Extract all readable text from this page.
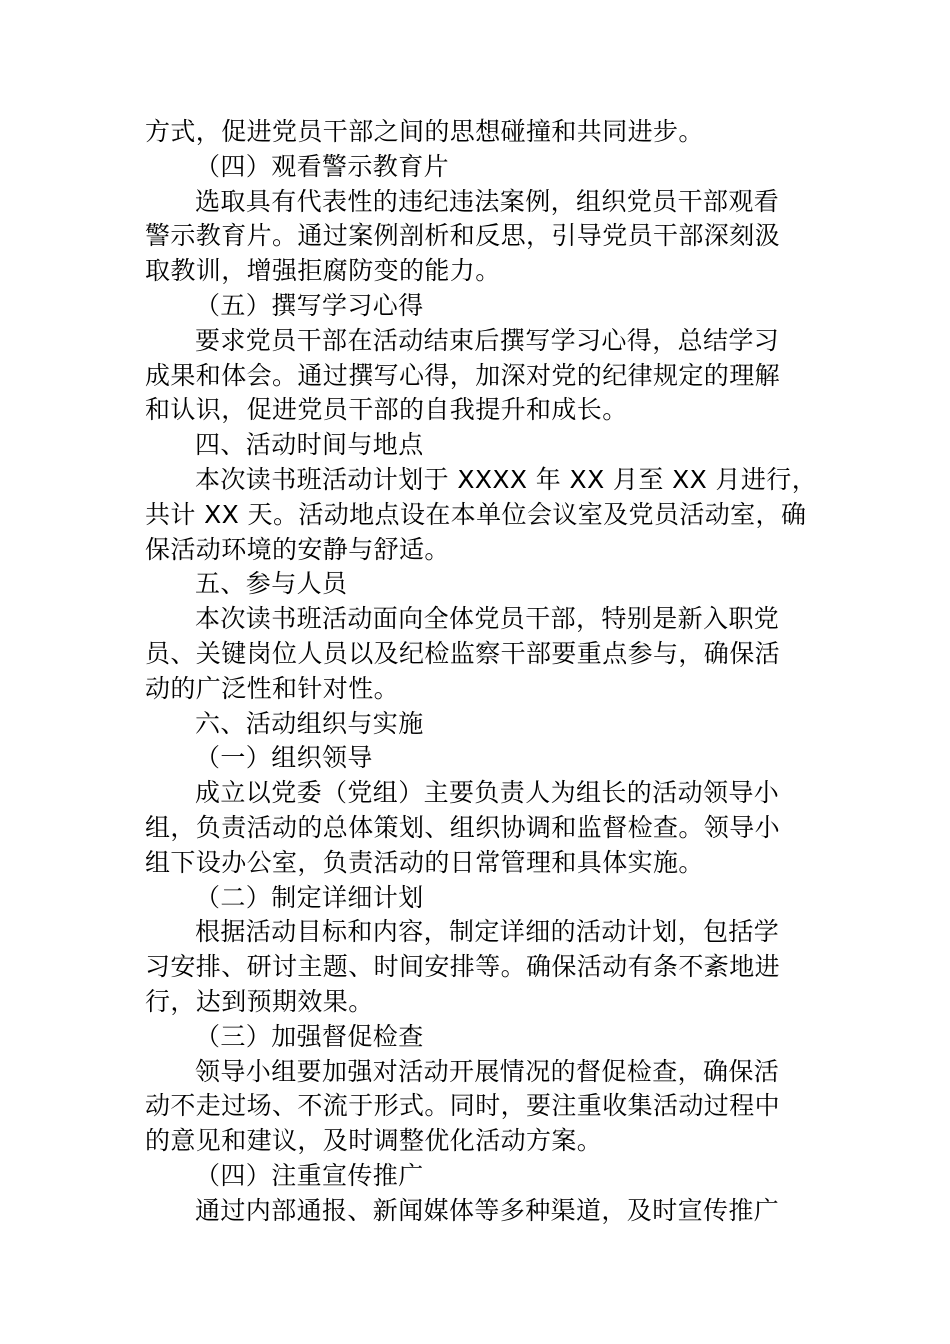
方式，促进党员干部之间的思想碰撞和共同进步。

（四）观看警示教育片

选取具有代表性的违纪违法案例，组织党员干部观看

警示教育片。通过案例剖析和反思，引导党员干部深刻汲

取教训，增强拒腐防变的能力。

（五）撰写学习心得

要求党员干部在活动结束后撰写学习心得，总结学习

成果和体会。通过撰写心得，加深对党的纪律规定的理解

和认识，促进党员干部的自我提升和成长。

四、活动时间与地点

本次读书班活动计划于 XXXX 年 XX 月至 XX 月进行，

共计 XX 天。活动地点设在本单位会议室及党员活动室，确

保活动环境的安静与舒适。

五、参与人员

本次读书班活动面向全体党员干部，特别是新入职党

员、关键岗位人员以及纪检监察干部要重点参与，确保活

动的广泛性和针对性。

六、活动组织与实施

（一）组织领导

成立以党委（党组）主要负责人为组长的活动领导小

组，负责活动的总体策划、组织协调和监督检查。领导小

组下设办公室，负责活动的日常管理和具体实施。

（二）制定详细计划

根据活动目标和内容，制定详细的活动计划，包括学

习安排、研讨主题、时间安排等。确保活动有条不紊地进

行，达到预期效果。

（三）加强督促检查

领导小组要加强对活动开展情况的督促检查，确保活

动不走过场、不流于形式。同时，要注重收集活动过程中

的意见和建议，及时调整优化活动方案。

（四）注重宣传推广

通过内部通报、新闻媒体等多种渠道，及时宣传推广
